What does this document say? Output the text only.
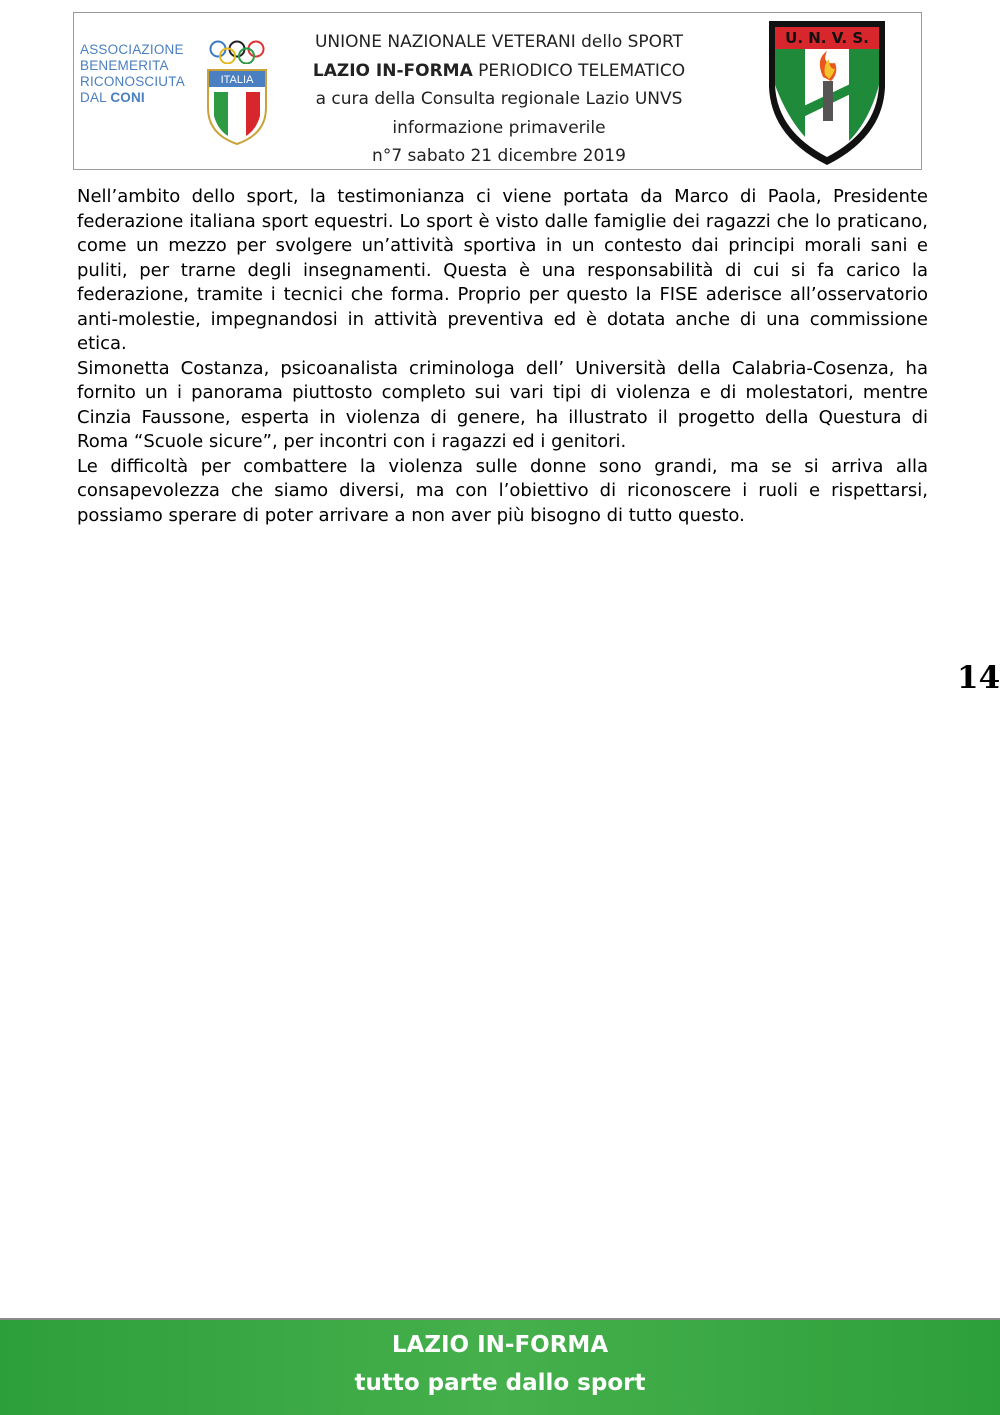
ASSOCIAZIONE
BENEMERITA
RICONOSCIUTA
DAL CONI
ITALIA
UNIONE NAZIONALE VETERANI dello SPORT
LAZIO IN-FORMA PERIODICO TELEMATICO
a cura della Consulta regionale Lazio UNVS
informazione primaverile
n°7 sabato 21 dicembre 2019
U. N. V. S.

Nell’ambito dello sport, la testimonianza ci viene portata da Marco di Paola, Presidente federazione italiana sport equestri. Lo sport è visto dalle famiglie dei ragazzi che lo praticano, come un mezzo per svolgere un’attività sportiva in un contesto dai principi morali sani e puliti, per trarne degli insegnamenti. Questa è una responsabilità di cui si fa carico la federazione, tramite i tecnici che forma. Proprio per questo la FISE aderisce all’osservatorio anti-molestie, impegnandosi in attività preventiva ed è dotata anche di una commissione etica.

Simonetta Costanza, psicoanalista criminologa dell’ Università della Calabria-Cosenza, ha fornito un i panorama piuttosto completo sui vari tipi di violenza e di molestatori, mentre Cinzia Faussone, esperta in violenza di genere, ha illustrato il progetto della Questura di Roma “Scuole sicure”, per incontri con i ragazzi ed i genitori.

Le difficoltà per combattere la violenza sulle donne sono grandi, ma se si arriva alla consapevolezza che siamo diversi, ma con l’obiettivo di riconoscere i ruoli e rispettarsi, possiamo sperare di poter arrivare a non aver più bisogno di tutto questo.

14
LAZIO IN-FORMA
tutto parte dallo sport
